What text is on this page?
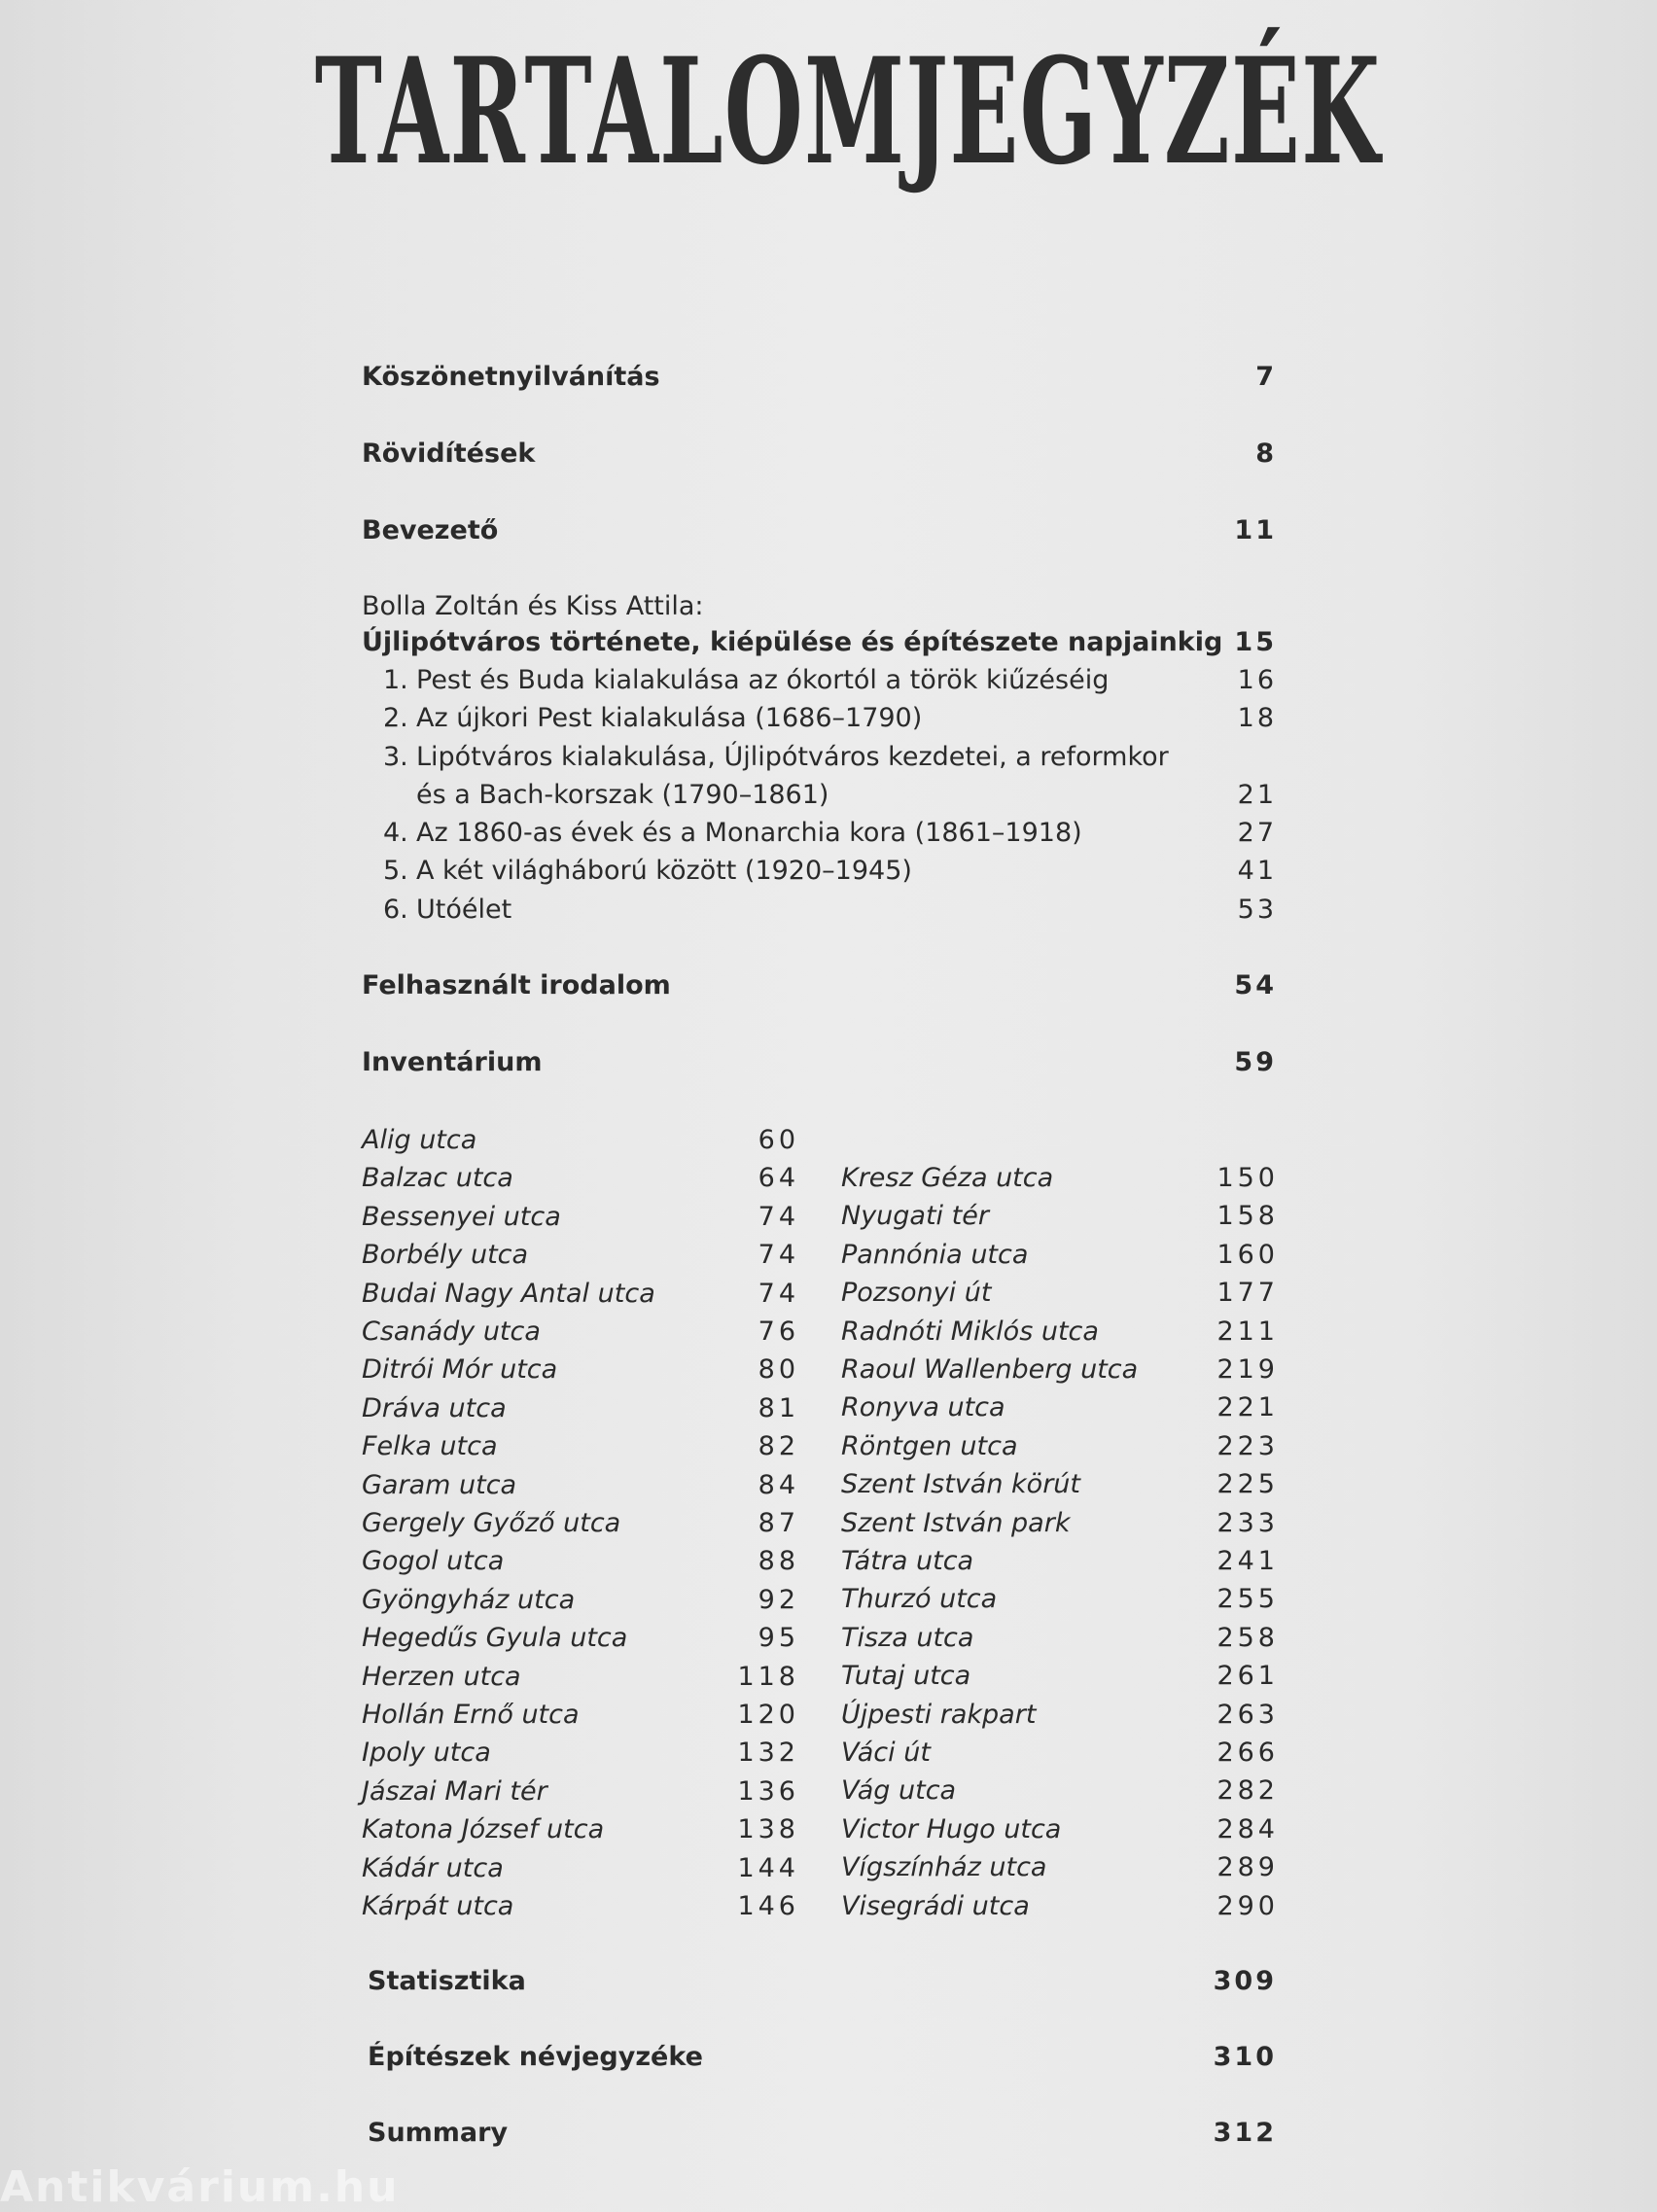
TARTALOMJEGYZÉK
Köszönetnyilvánítás	7
Rövidítések	8
Bevezető	11
Bolla Zoltán és Kiss Attila:
Újlipótváros története, kiépülése és építészete napjainkig 15
1. Pest és Buda kialakulása az ókortól a török kiűzéséig	16
2. Az újkori Pest kialakulása (1686–1790)	18
3. Lipótváros kialakulása, Újlipótváros kezdetei, a reformkor
és a Bach-korszak (1790–1861)	21
4. Az 1860-as évek és a Monarchia kora (1861–1918)	27
5. A két világháború között (1920–1945)	41
6. Utóélet	53
Felhasznált irodalom	54
Inventárium	59
Alig utca	60
Balzac utca	64
Bessenyei utca	74
Borbély utca	74
Budai Nagy Antal utca	74
Csanády utca	76
Ditrói Mór utca	80
Dráva utca	81
Felka utca	82
Garam utca	84
Gergely Győző utca	87
Gogol utca	88
Gyöngyház utca	92
Hegedűs Gyula utca	95
Herzen utca	118
Hollán Ernő utca	120
Ipoly utca	132
Jászai Mari tér	136
Katona József utca	138
Kádár utca	144
Kárpát utca	146
Kresz Géza utca	150
Nyugati tér	158
Pannónia utca	160
Pozsonyi út	177
Radnóti Miklós utca	211
Raoul Wallenberg utca	219
Ronyva utca	221
Röntgen utca	223
Szent István körút	225
Szent István park	233
Tátra utca	241
Thurzó utca	255
Tisza utca	258
Tutaj utca	261
Újpesti rakpart	263
Váci út	266
Vág utca	282
Victor Hugo utca	284
Vígszínház utca	289
Visegrádi utca	290
Statisztika	309
Építészek névjegyzéke	310
Summary	312
Antikvárium.hu
